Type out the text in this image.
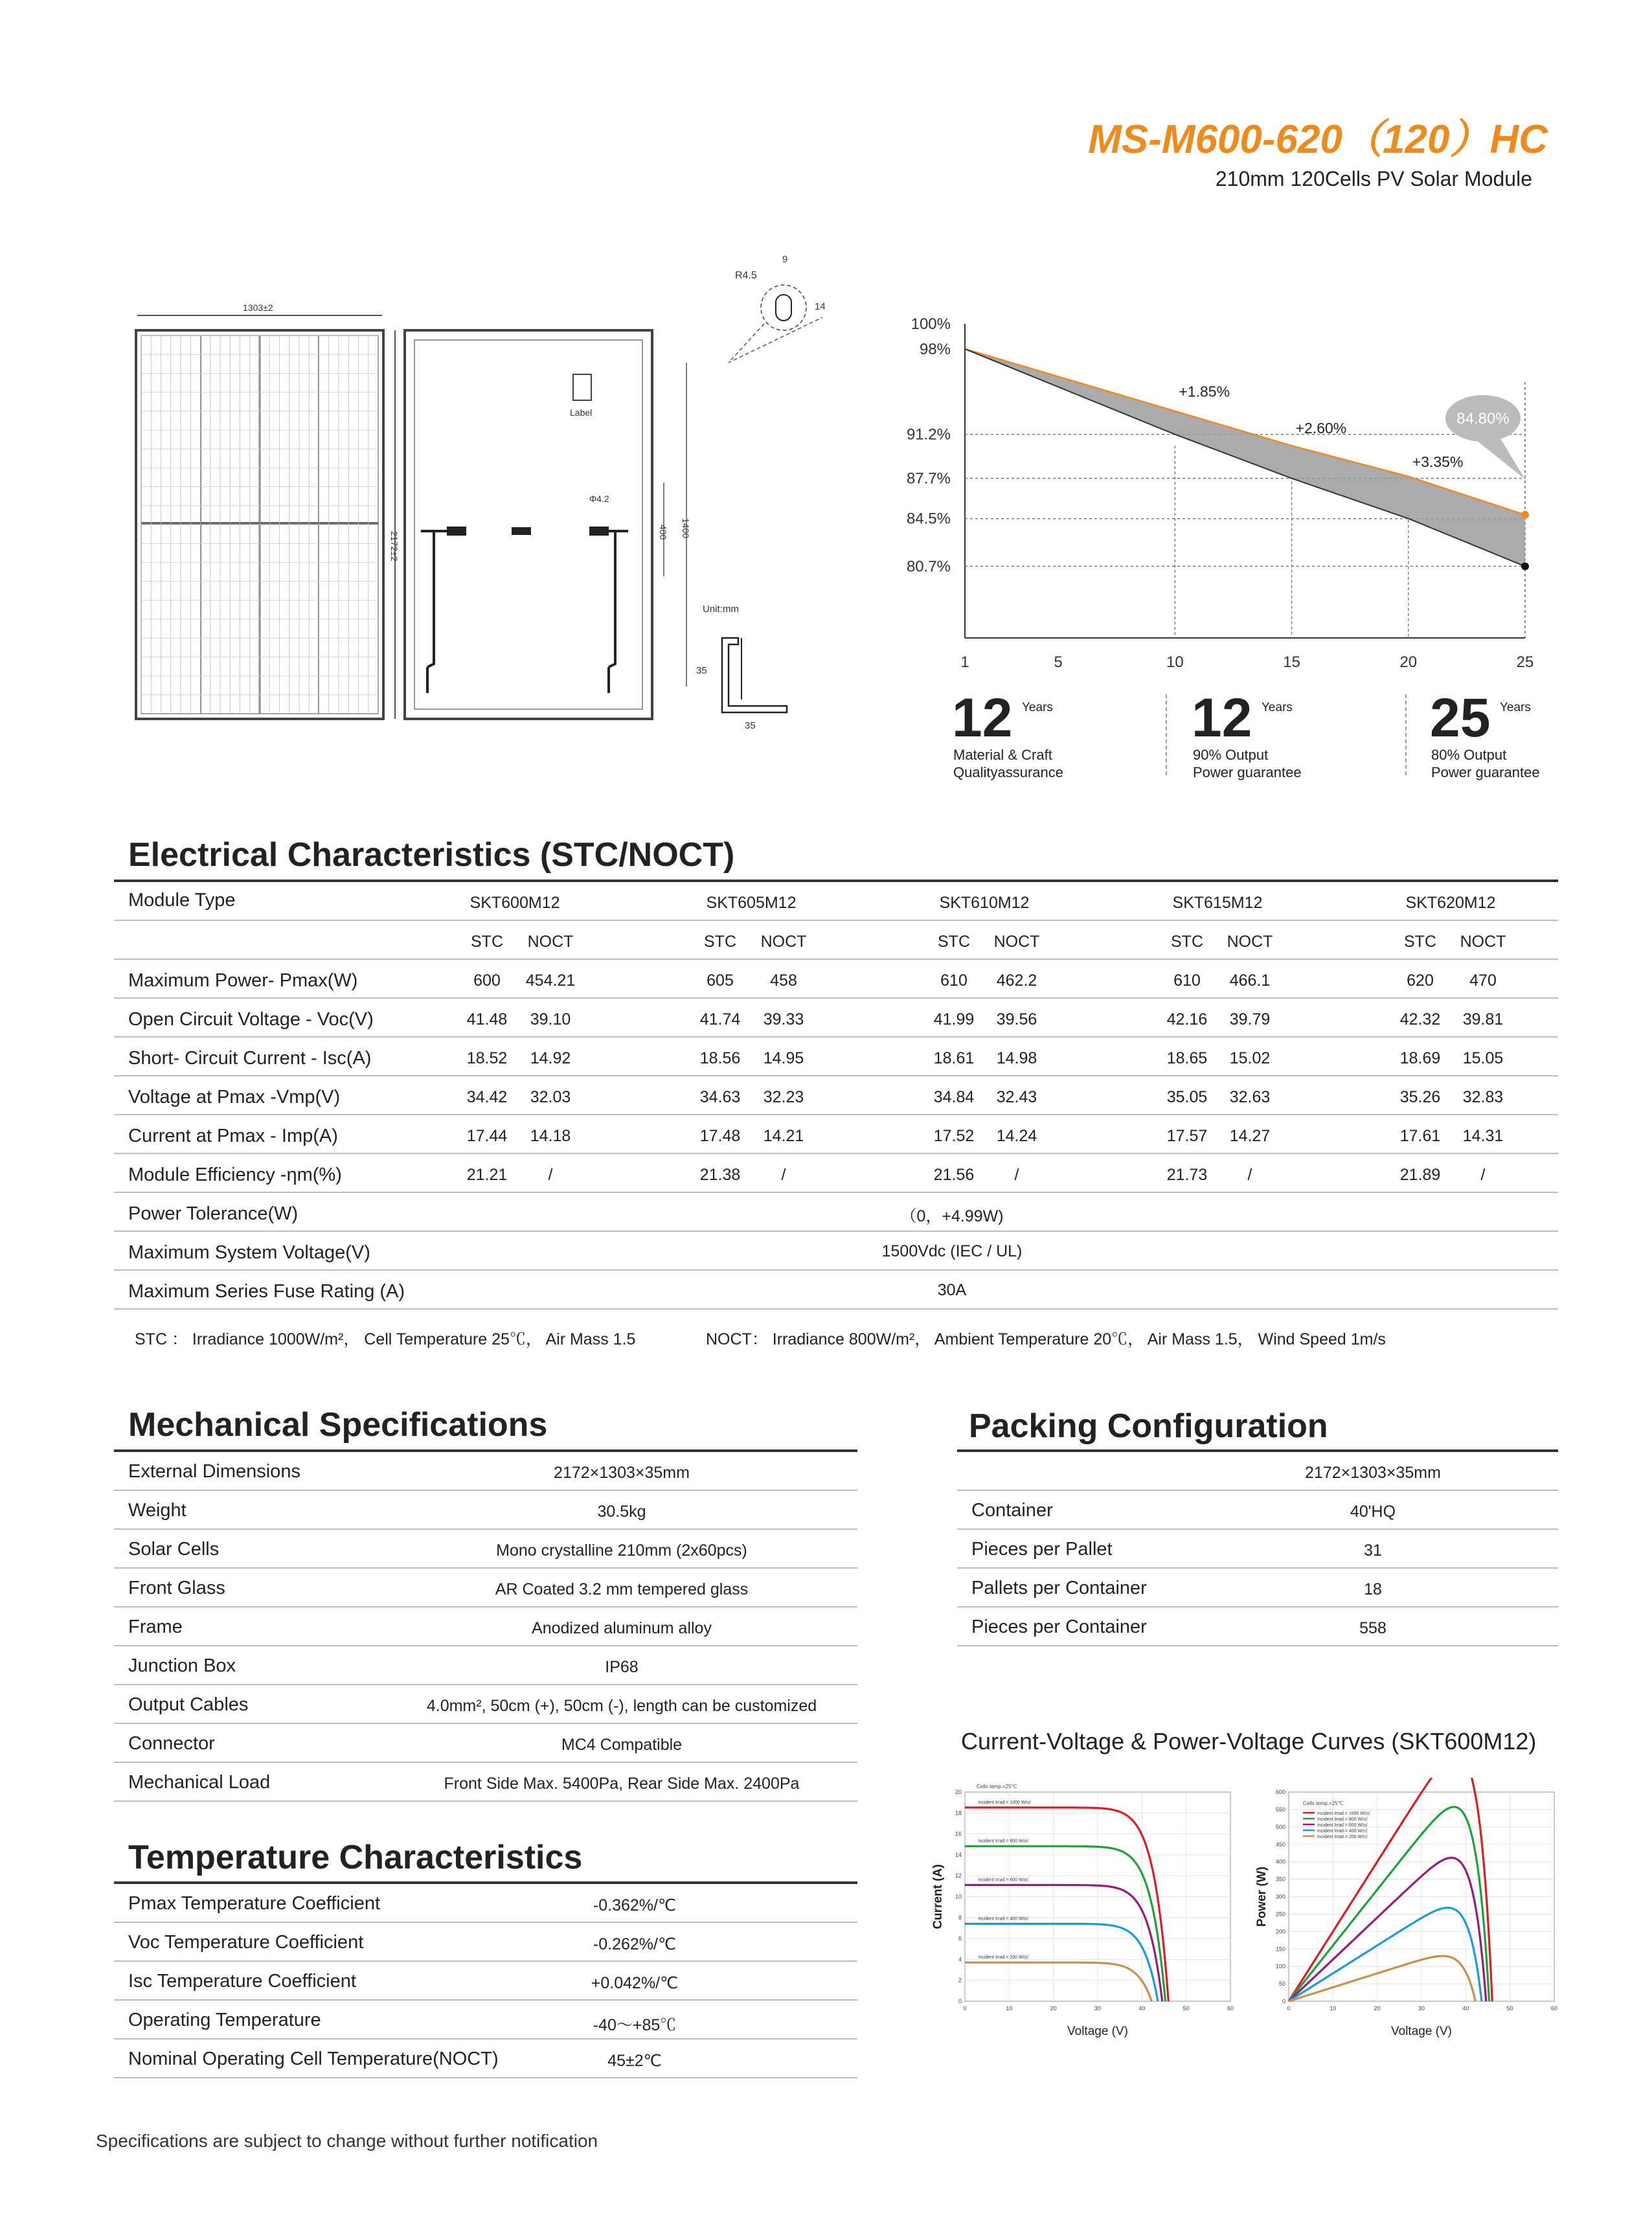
MS-M600-620（120）HC
210mm 120Cells PV Solar Module
1303±2
2172±2
Label
Φ4.2
400 1400
R4.5
9
14
Unit:mm
35
35
100%
98%
91.2%
87.7%
84.5%
80.7%
1	5	10	15	20	25
+1.85%
+2.60%
+3.35%
84.80%
12 Years
Material & Craft
Qualityassurance
12 Years
90% Output
Power guarantee
25 Years
80% Output
Power guarantee
Electrical Characteristics (STC/NOCT)
STC ： Irradiance 1000W/m²， Cell Temperature 25℃， Air Mass 1.5	NOCT： Irradiance 800W/m²， Ambient Temperature 20℃， Air Mass 1.5， Wind Speed 1m/s
Mechanical Specifications	Packing Configuration
Temperature Characteristics
Current-Voltage & Power-Voltage Curves (SKT600M12)
0
2
4
6
8
10
12
14
16
18
20
0	10	20	30	40	50	60
Voltage (V)
Current (A)
Cells temp.=25℃
Incident Irrad.= 1000 W/㎡
Incident Irrad.= 800 W/㎡
Incident Irrad.= 600 W/㎡
Incident Irrad.= 400 W/㎡
Incident Irrad.= 200 W/㎡
0
50
100
150
200
250
300
350
400
450
500
550
600
0	10	20	30	40	50	60
Voltage (V)
Power (W)
Cells temp.=25℃
Incident Irrad.= 1000 W/㎡
Incident Irrad.= 800 W/㎡
Incident Irrad.= 600 W/㎡
Incident Irrad.= 400 W/㎡
Incident Irrad.= 200 W/㎡
Specifications are subject to change without further notification
Module Type	SKT600M12	SKT605M12	SKT610M12	SKT615M12	SKT620M12
STC	NOCT	STC	NOCT	STC	NOCT	STC	NOCT	STC	NOCT
Maximum Power- Pmax(W)	600	454.21	605	458	610	462.2	610	466.1	620	470
Open Circuit Voltage - Voc(V)	41.48	39.10	41.74	39.33	41.99	39.56	42.16	39.79	42.32	39.81
Short- Circuit Current - Isc(A)	18.52	14.92	18.56	14.95	18.61	14.98	18.65	15.02	18.69	15.05
Voltage at Pmax -Vmp(V)	34.42	32.03	34.63	32.23	34.84	32.43	35.05	32.63	35.26	32.83
Current at Pmax - Imp(A)	17.44	14.18	17.48	14.21	17.52	14.24	17.57	14.27	17.61	14.31
Module Efficiency -ηm(%)	21.21	/	21.38	/	21.56	/	21.73	/	21.89	/
Power Tolerance(W)	（0，+4.99W)
Maximum System Voltage(V)	1500Vdc (IEC / UL)
Maximum Series Fuse Rating (A)	30A
External Dimensions	2172×1303×35mm
Weight	30.5kg
Solar Cells	Mono crystalline 210mm (2x60pcs)
Front Glass	AR Coated 3.2 mm tempered glass
Frame	Anodized aluminum alloy
Junction Box	IP68
Output Cables	4.0mm², 50cm (+), 50cm (-), length can be customized
Connector	MC4 Compatible
Mechanical Load	Front Side Max. 5400Pa, Rear Side Max. 2400Pa
2172×1303×35mm
Container	40'HQ
Pieces per Pallet	31
Pallets per Container	18
Pieces per Container	558
Pmax Temperature Coefficient	-0.362%/℃
Voc Temperature Coefficient	-0.262%/℃
Isc Temperature Coefficient	+0.042%/℃
Operating Temperature	-40～+85℃
Nominal Operating Cell Temperature(NOCT)	45±2℃
